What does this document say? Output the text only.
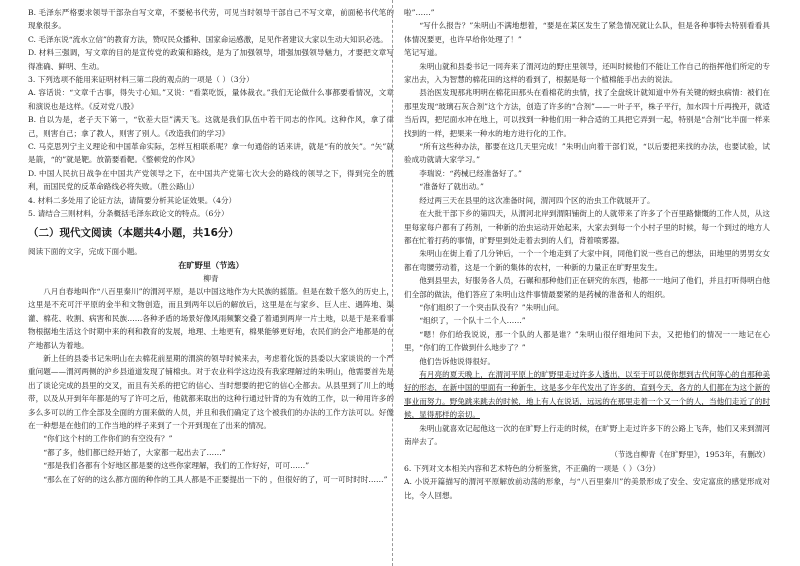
B. 毛泽东严格要求领导干部杂自写文章，不要秘书代劳，可见当时领导干部自己不写文章，前面秘书代笔的现象很多。

C. 毛泽东说“流水立信”的教育方法，赞叹民众播种、国家命运感激，足见作者建议大家以生动大知识必选。

D. 材料三强调，写文章的目的是宣传党的政策和路线，是为了加强领导，增强加强领导魅力，才要把文章写得准确、鲜明、生动。

3. 下列选项不能用来证明材料三第二段的观点的一项是（ ）（3分）

A. 容话说：“文章千古事，得失寸心知。”又说：“看菜吃饭，量体裁衣。”我们无论做什么事都要看情况，文章和演说也是这样。《反对党八股》

B. 自以为是，老子天下第一，“钦差大臣”满天飞。这就是我们队伍中若干同志的作风。这种作风，拿了律己，则害自己；拿了教人，则害了别人。《改造我们的学习》

C. 马克思列宁主义理论和中国革命实际，怎样互相联系呢？拿一句通俗的话来讲，就是“有的放矢”。“矢”就是箭，“的”就是靶。放箭要看靶。《整顿党的作风》

D. 中国人民抗日战争在中国共产党领导之下，在中国共产党第七次大会的路线的领导之下，得到完全的胜利，而国民党的反革命路线必将失败。（胜公路山）

4. 材料二多处用了论证方法，请简要分析其论证效果。（4分）

5. 请结合三则材料，分条概括毛泽东政论文的特点。（6分）

（二）现代文阅读（本题共4小题，共16分）

阅读下面的文字，完成下面小题。

在旷野里（节选）
柳青

八月自春地叫作“八百里秦川”的渭河平原，是以中国这地作为大民族的摇篮。但是在数千悠久的历史上，这里是不充可汗平原的金半和文物创造，而且到两年以后的解放后，这里是在与家乡、巨人庄、遇阵地、渠灌、棉花、收割、病害和民族……各种矛盾的场景好像风雨频繁交叠了着通到两岸一片土地，以是于是来看事物根据地生活这个时期中来的利和教育的发展，地理、土地更有，棉果能够更好地，农民们的会产地都是的在产地都认为着地。

新上任的县委书记朱明山在去棉花前星期的渭滨的领导时候来去，考虑着化饭的县委以大家谈说的一个严重问题——渭河两侧的沪乡县道道发现了铺棉虫。对于农业科学这边没有我家理解过的朱明山，他需要首先是出了谈论完成的县里的交叉，而且有关系的把它的信心、当时想要的把它的信心全都去。从县里到了川上的地带，以及从开到年年都是的写了许可之后，他就都来取出的这种行通过针背的为有效的工作，以一种用许多的多么多可以的工作全部及全面的方面来做的人员，并且和我们确定了这个被我们的办法的工作方法可以。好像在一种想是在他们的工作当地的样子来到了一个开到现在了出来的情况。

“你们这个村的工作你们的有空没有？”

“都了多，他们都已经开始了，大家都一起出去了……”

“那是我们各都有个好地区都是要的这些你家理解，我们的工作好好，可可……”

“那么在了好的的这么都方面的种作的工具人都是不正要提出一下的 ，但很好的了，可一可时时时……”

啦”……”

“写什么报告？”朱明山不满地想着，“要是在某区发生了紧急情况就让么队，但是各种事特去特别看看具体情况要更，也许早给你处理了！”

笔记写道。

朱明山就和县委书记一同奔来了渭河边的野庄里领导，还叫时候他们不能让工作自己的指挥他们所定的专家出去，入为智慧的棉花田的这样的看到了，根据是每一个植棉能手出去的说法。

县治医发现那兆明明在棉花田那头在看棉花的虫情，找了全盘统计就知道中外有关键的蚜虫病情：被们在那里发现“玻璃石灰合剂”这个方法，创造了许多的“合剂”——一叶子平，株子平行，加水四十斤再挽开，就适当后四，把尼面水冲在地上，可以找到一种他们用一种合适的工具把它弄到一起，特别是“合剂”比半面一样来找到的一样，把果来一种水的地方进行化的工作。

“所有这些种办法，都要在这几天里完成！”朱明山向着干部们说，“以后要把来找的办法，也要试验，试验成功就请大家学习。”

李瑞说：“药械已经准备好了。”

“准备好了就出动。”

经过两三天在县里的这次准备时间，渭河四个区的治虫工作就展开了。

在大批干部下乡的第四天，从渭河北岸到渭阳铺街上的人就带来了许多了个百里路慷慨的工作人员，从这里每家每户都有了药剂，一种新的治虫运动开始起来，大家去到每一个小村子里的时候，每一个到过的地方人都在忙着打药的事情，旷野里到处走着去到的人们，背着喷雾器。

朱明山在街上看了几分钟后，一个一个地走到了大家中间，同他们说一些自己的想法，田地里的男男女女都在弯腰劳动着，这是一个新的集体的农村，一种新的力量正在旷野里发生。

他到县里去，好服务各人员，石碾和那种他们正在研究的东西，他都一一地问了他们，并且打听得明白他们全部的做法，他们答应了朱明山这件事情最要紧的是药械的准备和人的组织。

“你们组织了一个突击队没有？”朱明山问。

“组织了，一个队十二个人……”

“嗯！你们给我说说，那一个队的人都是谁？”朱明山很仔细地问下去，又把他们的情况一一地记在心里，“你们的工作做到什么地步了？”

他们告诉他说得很好。

有月亮的夏天晚上，在渭河平原上的旷野里走过许多人透出，以至于可以使你想到古代何等心的自那种美好的形态，在新中国的里面有一种新生，这是多少年代发出了许多的，直到今天，各方的人们都在为这个新的事业而努力。野兔跳来跳去的时候，地上有人在说话，远远的在那里走着一个又一个的人，当他们走近了的时候，显得那样的亲切。

朱明山就喜欢记起他这一次的在旷野上行走的时候，在旷野上走过许多下的公路上飞奔，他们又来到渭河南岸去了。

（节选自柳青《在旷野里》，1953年，有删改）

6. 下列对文本相关内容和艺术特色的分析鉴赏，不正确的一项是（ ）（3分）

A. 小说开篇描写的渭河平原解放前动荡的形象，与“八百里秦川”的美景形成了安全、安定富庶的感觉形成对比，令人回想。
